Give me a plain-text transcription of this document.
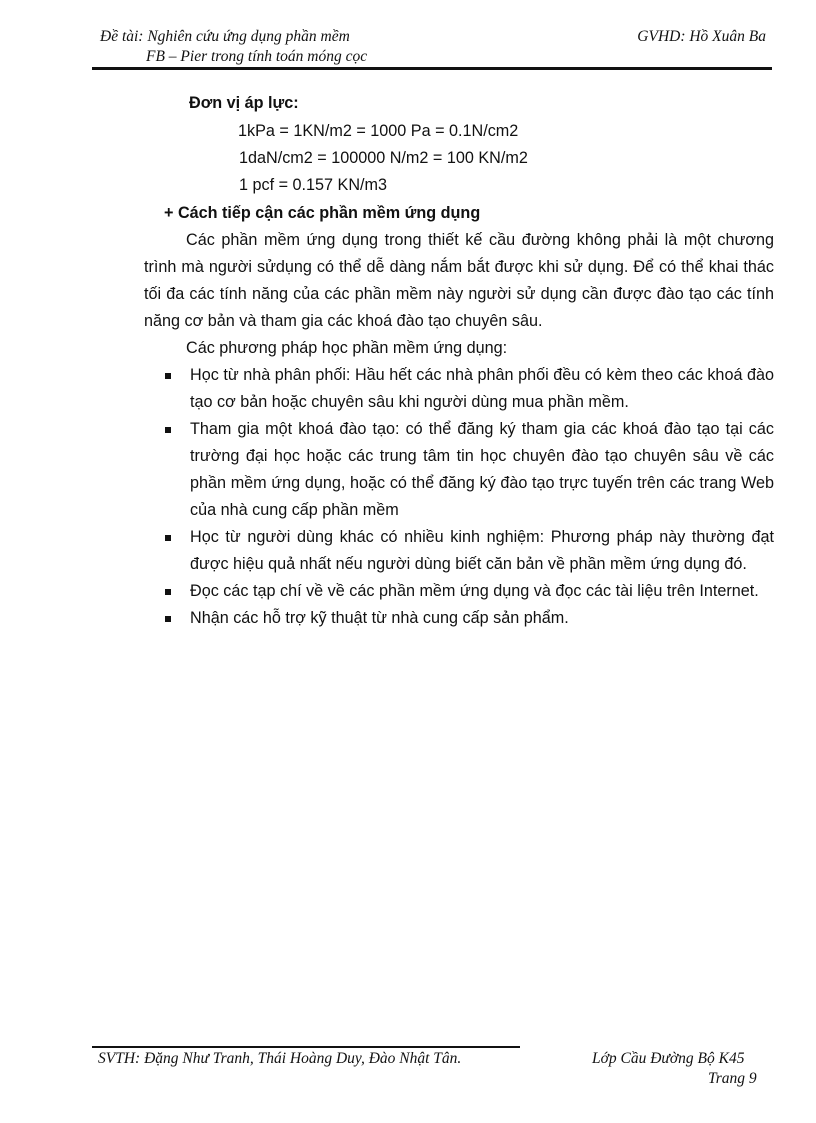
Đề tài: Nghiên cứu ứng dụng phần mềm
FB – Pier trong tính toán móng cọc
GVHD: Hồ Xuân Ba
Đơn vị áp lực:
1kPa = 1KN/m2 = 1000 Pa = 0.1N/cm2
1daN/cm2 = 100000 N/m2 = 100 KN/m2
1 pcf = 0.157 KN/m3
+ Cách tiếp cận các phần mềm ứng dụng
Các phần mềm ứng dụng trong thiết kế cầu đường không phải là một chương trình mà người sửdụng có thể dễ dàng nắm bắt được khi sử dụng. Để có thể khai thác tối đa các tính năng của các phần mềm này người sử dụng cần được đào tạo các tính năng cơ bản và tham gia các khoá đào tạo chuyên sâu.
Các phương pháp học phần mềm ứng dụng:
Học từ nhà phân phối: Hầu hết các nhà phân phối đều có kèm theo các khoá đào tạo cơ bản hoặc chuyên sâu khi người dùng mua phần mềm.
Tham gia một khoá đào tạo: có thể đăng ký tham gia các khoá đào tạo tại các trường đại học hoặc các trung tâm tin học chuyên đào tạo chuyên sâu về các phần mềm ứng dụng, hoặc có thể đăng ký đào tạo trực tuyến trên các trang Web của nhà cung cấp phần mềm
Học từ người dùng khác có nhiều kinh nghiệm: Phương pháp này thường đạt được hiệu quả nhất nếu người dùng biết căn bản về phần mềm ứng dụng đó.
Đọc các tạp chí về về các phần mềm ứng dụng và đọc các tài liệu trên Internet.
Nhận các hỗ trợ kỹ thuật từ nhà cung cấp sản phẩm.
SVTH: Đặng Như Tranh, Thái Hoàng Duy, Đào Nhật Tân.	Lớp Cầu Đường Bộ K45
Trang 9
